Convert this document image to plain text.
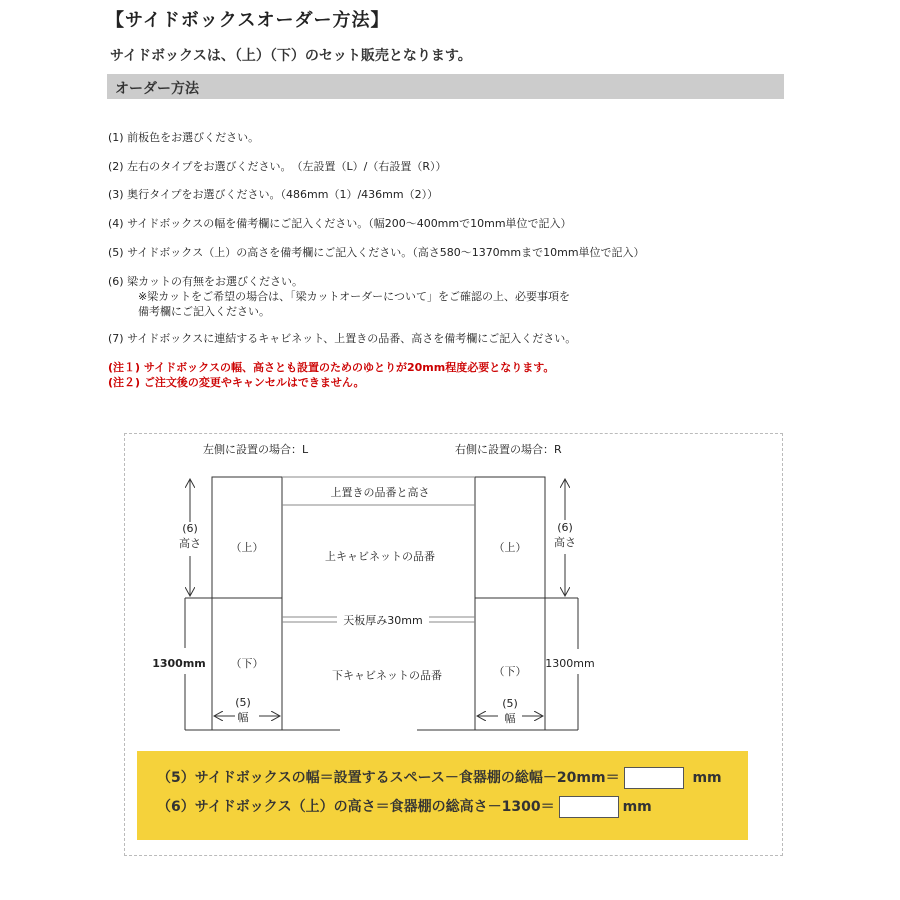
【サイドボックスオーダー方法】
サイドボックスは、（上）（下）のセット販売となります。
オーダー方法
(1) 前板色をお選びください。
(2) 左右のタイプをお選びください。　（左設置（L）/（右設置（R））
(3) 奥行タイプをお選びください。（486mm（1）/436mm（2））
(4) サイドボックスの幅を備考欄にご記入ください。（幅200～400mmで10mm単位で記入）
(5) サイドボックス（上）の高さを備考欄にご記入ください。（高さ580～1370mmまで10mm単位で記入）
(6) 梁カットの有無をお選びください。
※梁カットをご希望の場合は、「梁カットオーダーについて」をご確認の上、必要事項を
備考欄にご記入ください。
(7) サイドボックスに連結するキャビネット、上置きの品番、高さを備考欄にご記入ください。
(注１) サイドボックスの幅、高さとも設置のためのゆとりが20mm程度必要となります。
(注２) ご注文後の変更やキャンセルはできません。
左側に設置の場合：L	右側に設置の場合：R
（上）
（下）
（上）
（下）
上置きの品番と高さ
上キャビネットの品番
天板厚み30mm
下キャビネットの品番
(6)
高さ
1300mm
(5)
幅
(6)
高さ
1300mm
(5)
幅
（5）サイドボックスの幅＝設置するスペース－食器棚の総幅－20mm＝	mm
（6）サイドボックス（上）の高さ＝食器棚の総高さ－1300＝	mm
